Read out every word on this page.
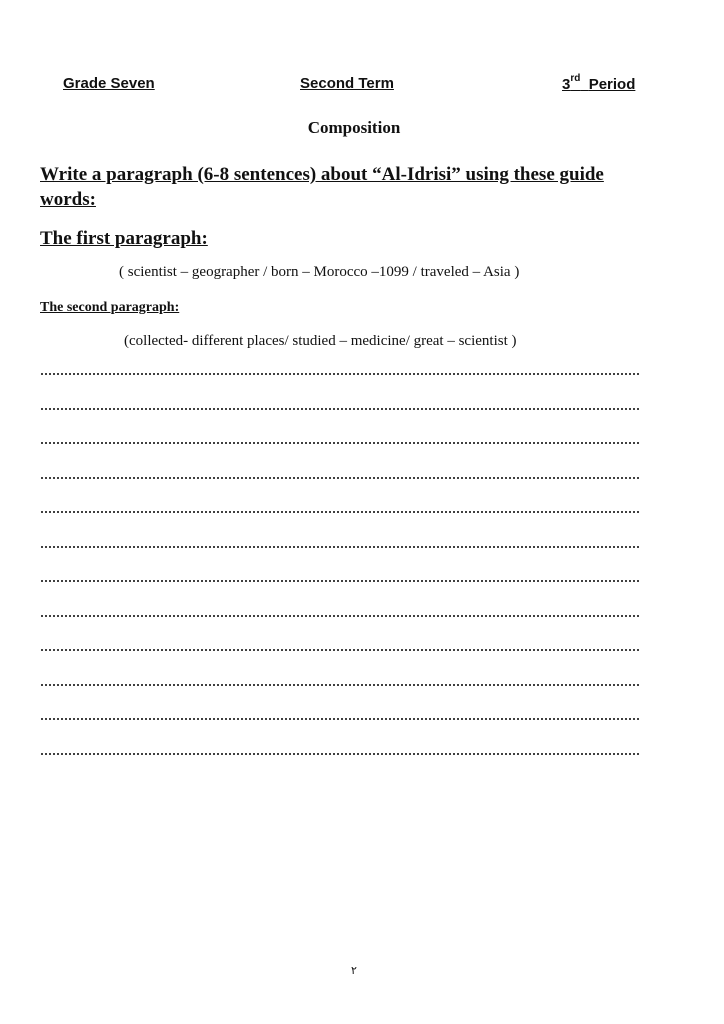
Grade Seven	Second Term	3rd Period
Composition
Write a paragraph (6-8 sentences) about “Al-Idrisi” using these guide words:
The first paragraph:
( scientist – geographer / born – Morocco –1099 / traveled – Asia )
The second paragraph:
(collected- different places/ studied – medicine/ great – scientist )
٢
